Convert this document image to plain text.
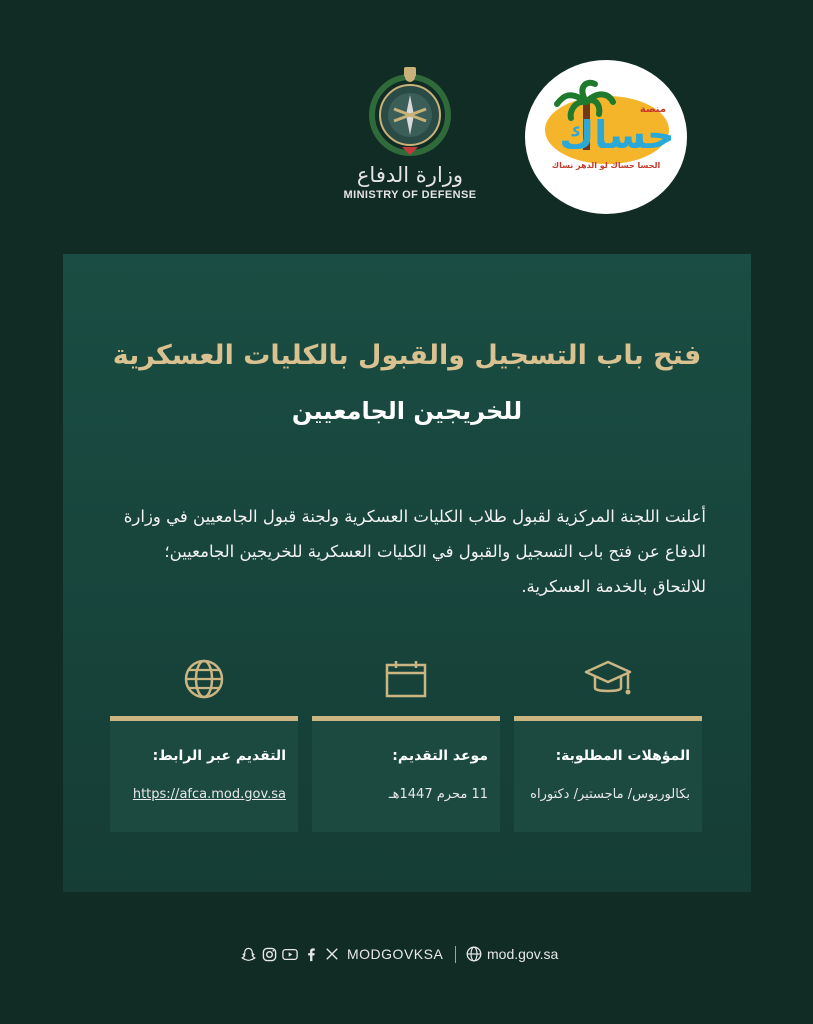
وزارة الدفاع
MINISTRY OF DEFENSE
حساك
منصة
الحسا حساك لو الدهر نساك
فتح باب التسجيل والقبول بالكليات العسكرية
للخريجين الجامعيين
أعلنت اللجنة المركزية لقبول طلاب الكليات العسكرية ولجنة قبول الجامعيين في وزارة الدفاع عن فتح باب التسجيل والقبول في الكليات العسكرية للخريجين الجامعيين؛ للالتحاق بالخدمة العسكرية.
المؤهلات المطلوبة:
بكالوريوس/ ماجستير/ دكتوراه
موعد التقديم:
11 محرم 1447هـ
التقديم عبر الرابط:
https://afca.mod.gov.sa
MODGOVKSA	mod.gov.sa
